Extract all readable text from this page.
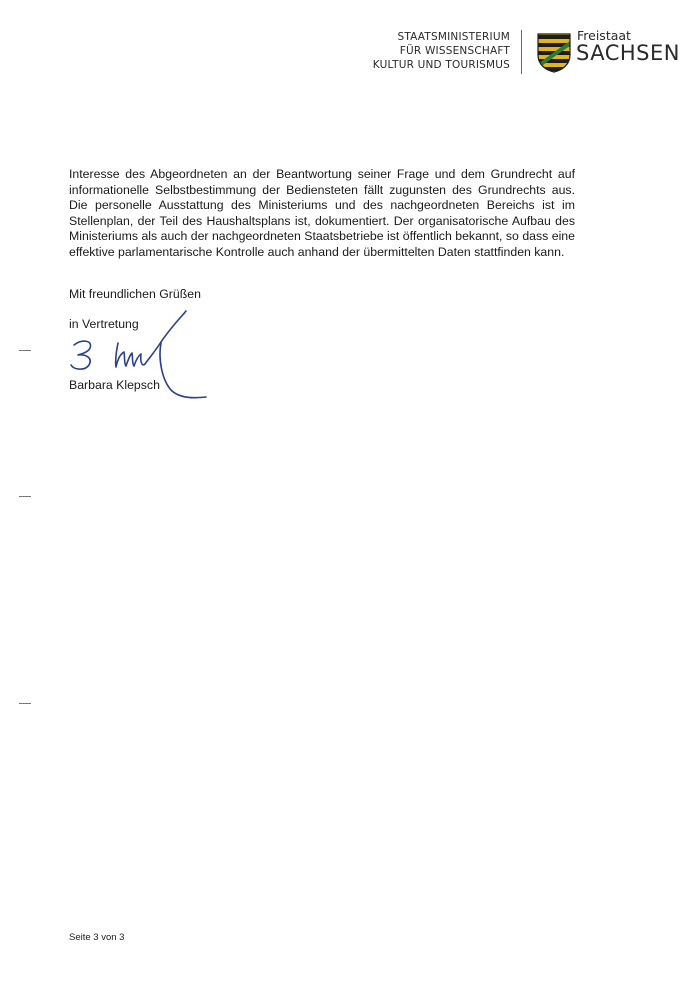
STAATSMINISTERIUM
FÜR WISSENSCHAFT
KULTUR UND TOURISMUS
Freistaat
SACHSEN
Interesse des Abgeordneten an der Beantwortung seiner Frage und dem Grundrecht auf informationelle Selbstbestimmung der Bediensteten fällt zugunsten des Grundrechts aus. Die personelle Ausstattung des Ministeriums und des nachgeordneten Bereichs ist im Stellenplan, der Teil des Haushaltsplans ist, dokumentiert. Der organisatorische Aufbau des Ministeriums als auch der nachgeordneten Staatsbetriebe ist öffentlich bekannt, so dass eine effektive parlamentarische Kontrolle auch anhand der übermittelten Daten stattfinden kann.
Mit freundlichen Grüßen
in Vertretung
Barbara Klepsch
Seite 3 von 3
